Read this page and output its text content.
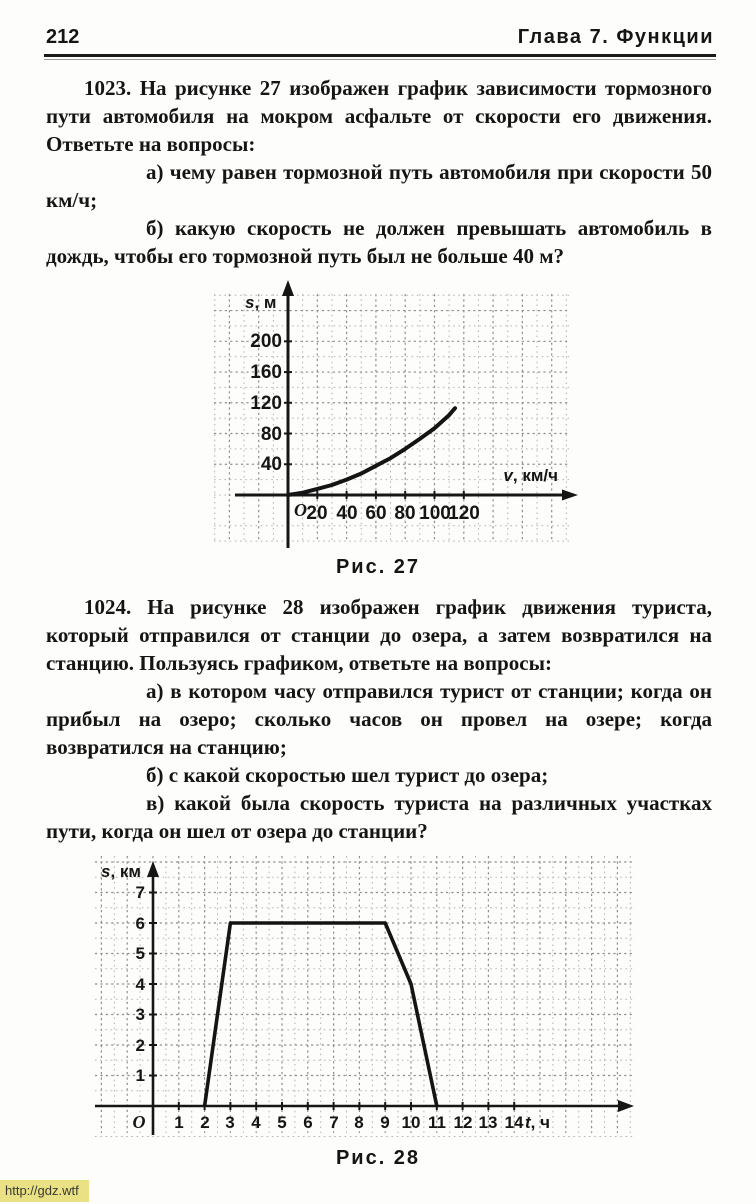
212	Глава 7. Функции

1023. На рисунке 27 изображен график зависимости тормозного пути автомобиля на мокром асфальте от скорости его движения. Ответьте на вопросы:

а) чему равен тормозной путь автомобиля при скорости 50 км/ч;

б) какую скорость не должен превышать автомобиль в дождь, чтобы его тормозной путь был не больше 40 м?

40
80
120
160
200
20 40 60 80 100
120
O
s, м
v, км/ч
Рис. 27

1024. На рисунке 28 изображен график движения туриста, который отправился от станции до озера, а затем возвратился на станцию. Пользуясь графиком, ответьте на вопросы:

а) в котором часу отправился турист от станции; когда он прибыл на озеро; сколько часов он провел на озере; когда возвратился на станцию;

б) с какой скоростью шел турист до озера;

в) какой была скорость туриста на различных участках пути, когда он шел от озера до станции?

1
2
3
4
5
6
7
1 2 3 4 5 6 7 8 9 10 11 12 13 14
O
s, км
t, ч
Рис. 28
http://gdz.wtf
